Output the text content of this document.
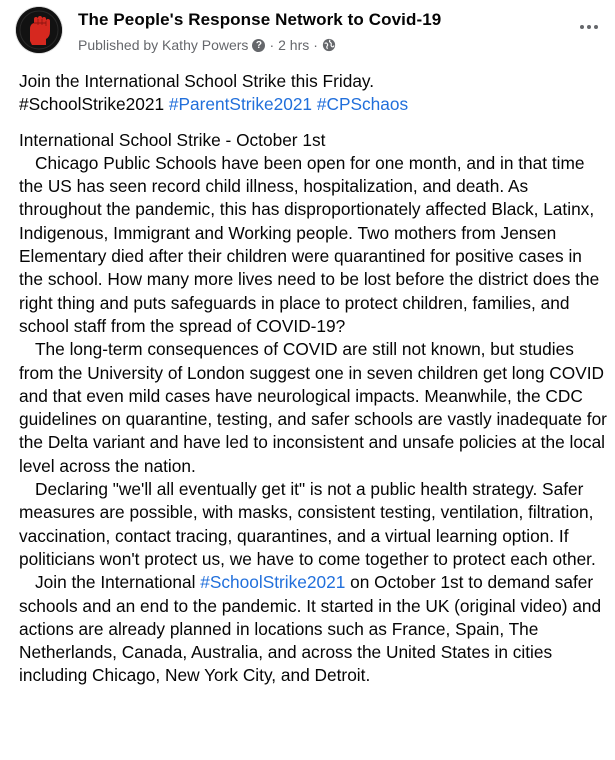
The People's Response Network to Covid-19
Published by Kathy Powers ? · 2 hrs ·

Join the International School Strike this Friday.
#SchoolStrike2021 #ParentStrike2021 #CPSchaos

International School Strike - October 1st

Chicago Public Schools have been open for one month, and in that time the US has seen record child illness, hospitalization, and death. As throughout the pandemic, this has disproportionately affected Black, Latinx, Indigenous, Immigrant and Working people. Two mothers from Jensen Elementary died after their children were quarantined for positive cases in the school. How many more lives need to be lost before the district does the right thing and puts safeguards in place to protect children, families, and school staff from the spread of COVID-19?

The long-term consequences of COVID are still not known, but studies from the University of London suggest one in seven children get long COVID and that even mild cases have neurological impacts. Meanwhile, the CDC guidelines on quarantine, testing, and safer schools are vastly inadequate for the Delta variant and have led to inconsistent and unsafe policies at the local level across the nation.

Declaring "we'll all eventually get it" is not a public health strategy. Safer measures are possible, with masks, consistent testing, ventilation, filtration, vaccination, contact tracing, quarantines, and a virtual learning option. If politicians won't protect us, we have to come together to protect each other.

Join the International #SchoolStrike2021 on October 1st to demand safer schools and an end to the pandemic. It started in the UK (original video) and actions are already planned in locations such as France, Spain, The Netherlands, Canada, Australia, and across the United States in cities including Chicago, New York City, and Detroit.
